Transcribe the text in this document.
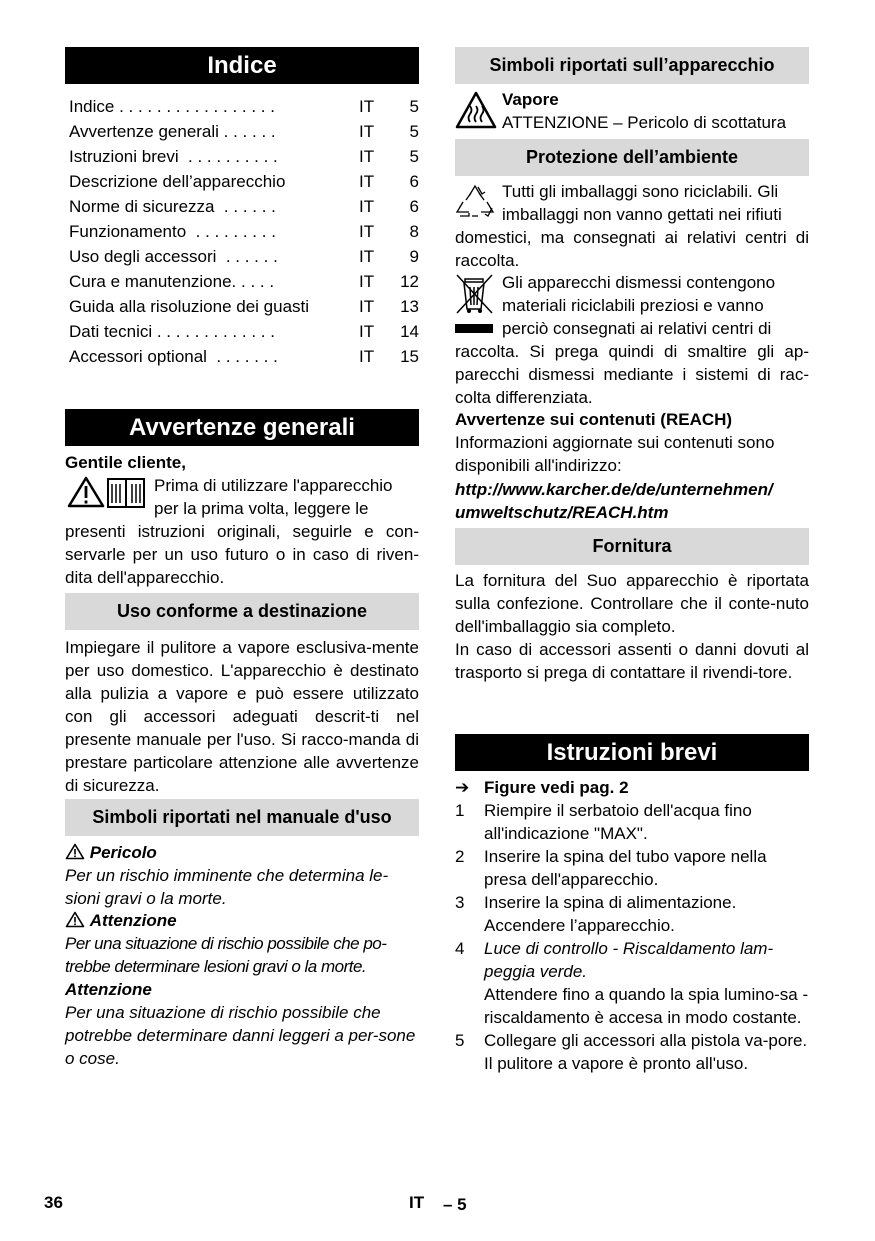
Indice
Indice . . . . . . . . . . . . . . . . .	IT	5
Avvertenze generali . . . . . .	IT	5
Istruzioni brevi  . . . . . . . . . .	IT	5
Descrizione dell’apparecchio	IT	6
Norme di sicurezza  . . . . . .	IT	6
Funzionamento  . . . . . . . . .	IT	8
Uso degli accessori  . . . . . .	IT	9
Cura e manutenzione. . . . .	IT	12
Guida alla risoluzione dei guasti	IT	13
Dati tecnici . . . . . . . . . . . . .	IT	14
Accessori optional  . . . . . . .	IT	15
Avvertenze generali
Gentile cliente,
Prima di utilizzare l'apparecchio
per la prima volta, leggere le

presenti istruzioni originali, seguirle e con-servarle per un uso futuro o in caso di riven-dita dell'apparecchio.

Uso conforme a destinazione

Impiegare il pulitore a vapore esclusiva-mente per uso domestico. L'apparecchio è destinato alla pulizia a vapore e può essere utilizzato con gli accessori adeguati descrit-ti nel presente manuale per l'uso. Si racco-manda di prestare particolare attenzione alle avvertenze di sicurezza.

Simboli riportati nel manuale d'uso
Pericolo
Per un rischio imminente che determina le-sioni gravi o la morte.
Attenzione
Per una situazione di rischio possibile che po-trebbe determinare lesioni gravi o la morte.
Attenzione
Per una situazione di rischio possibile che potrebbe determinare danni leggeri a per-sone o cose.
Simboli riportati sull’apparecchio
Vapore
ATTENZIONE – Pericolo di scottatura
Protezione dell’ambiente
Tutti gli imballaggi sono riciclabili. Gli
imballaggi non vanno gettati nei rifiuti

domestici, ma consegnati ai relativi centri di raccolta.

Gli apparecchi dismessi contengono
materiali riciclabili preziosi e vanno
perciò consegnati ai relativi centri di

raccolta. Si prega quindi di smaltire gli ap-parecchi dismessi mediante i sistemi di rac-colta differenziata.

Avvertenze sui contenuti (REACH)

Informazioni aggiornate sui contenuti sono disponibili all'indirizzo:

http://www.karcher.de/de/unternehmen/
umweltschutz/REACH.htm
Fornitura

La fornitura del Suo apparecchio è riportata sulla confezione. Controllare che il conte-nuto dell'imballaggio sia completo.

In caso di accessori assenti o danni dovuti al trasporto si prega di contattare il rivendi-tore.

Istruzioni brevi
➔ Figure vedi pag. 2
1 Riempire il serbatoio dell'acqua fino all'indicazione "MAX".
2 Inserire la spina del tubo vapore nella presa dell'apparecchio.
3 Inserire la spina di alimentazione.
Accendere l’apparecchio.
4 Luce di controllo - Riscaldamento lam-peggia verde.
Attendere fino a quando la spia lumino-sa - riscaldamento è accesa in modo costante.
5 Collegare gli accessori alla pistola va-pore.
Il pulitore a vapore è pronto all'uso.
36	IT – 5
